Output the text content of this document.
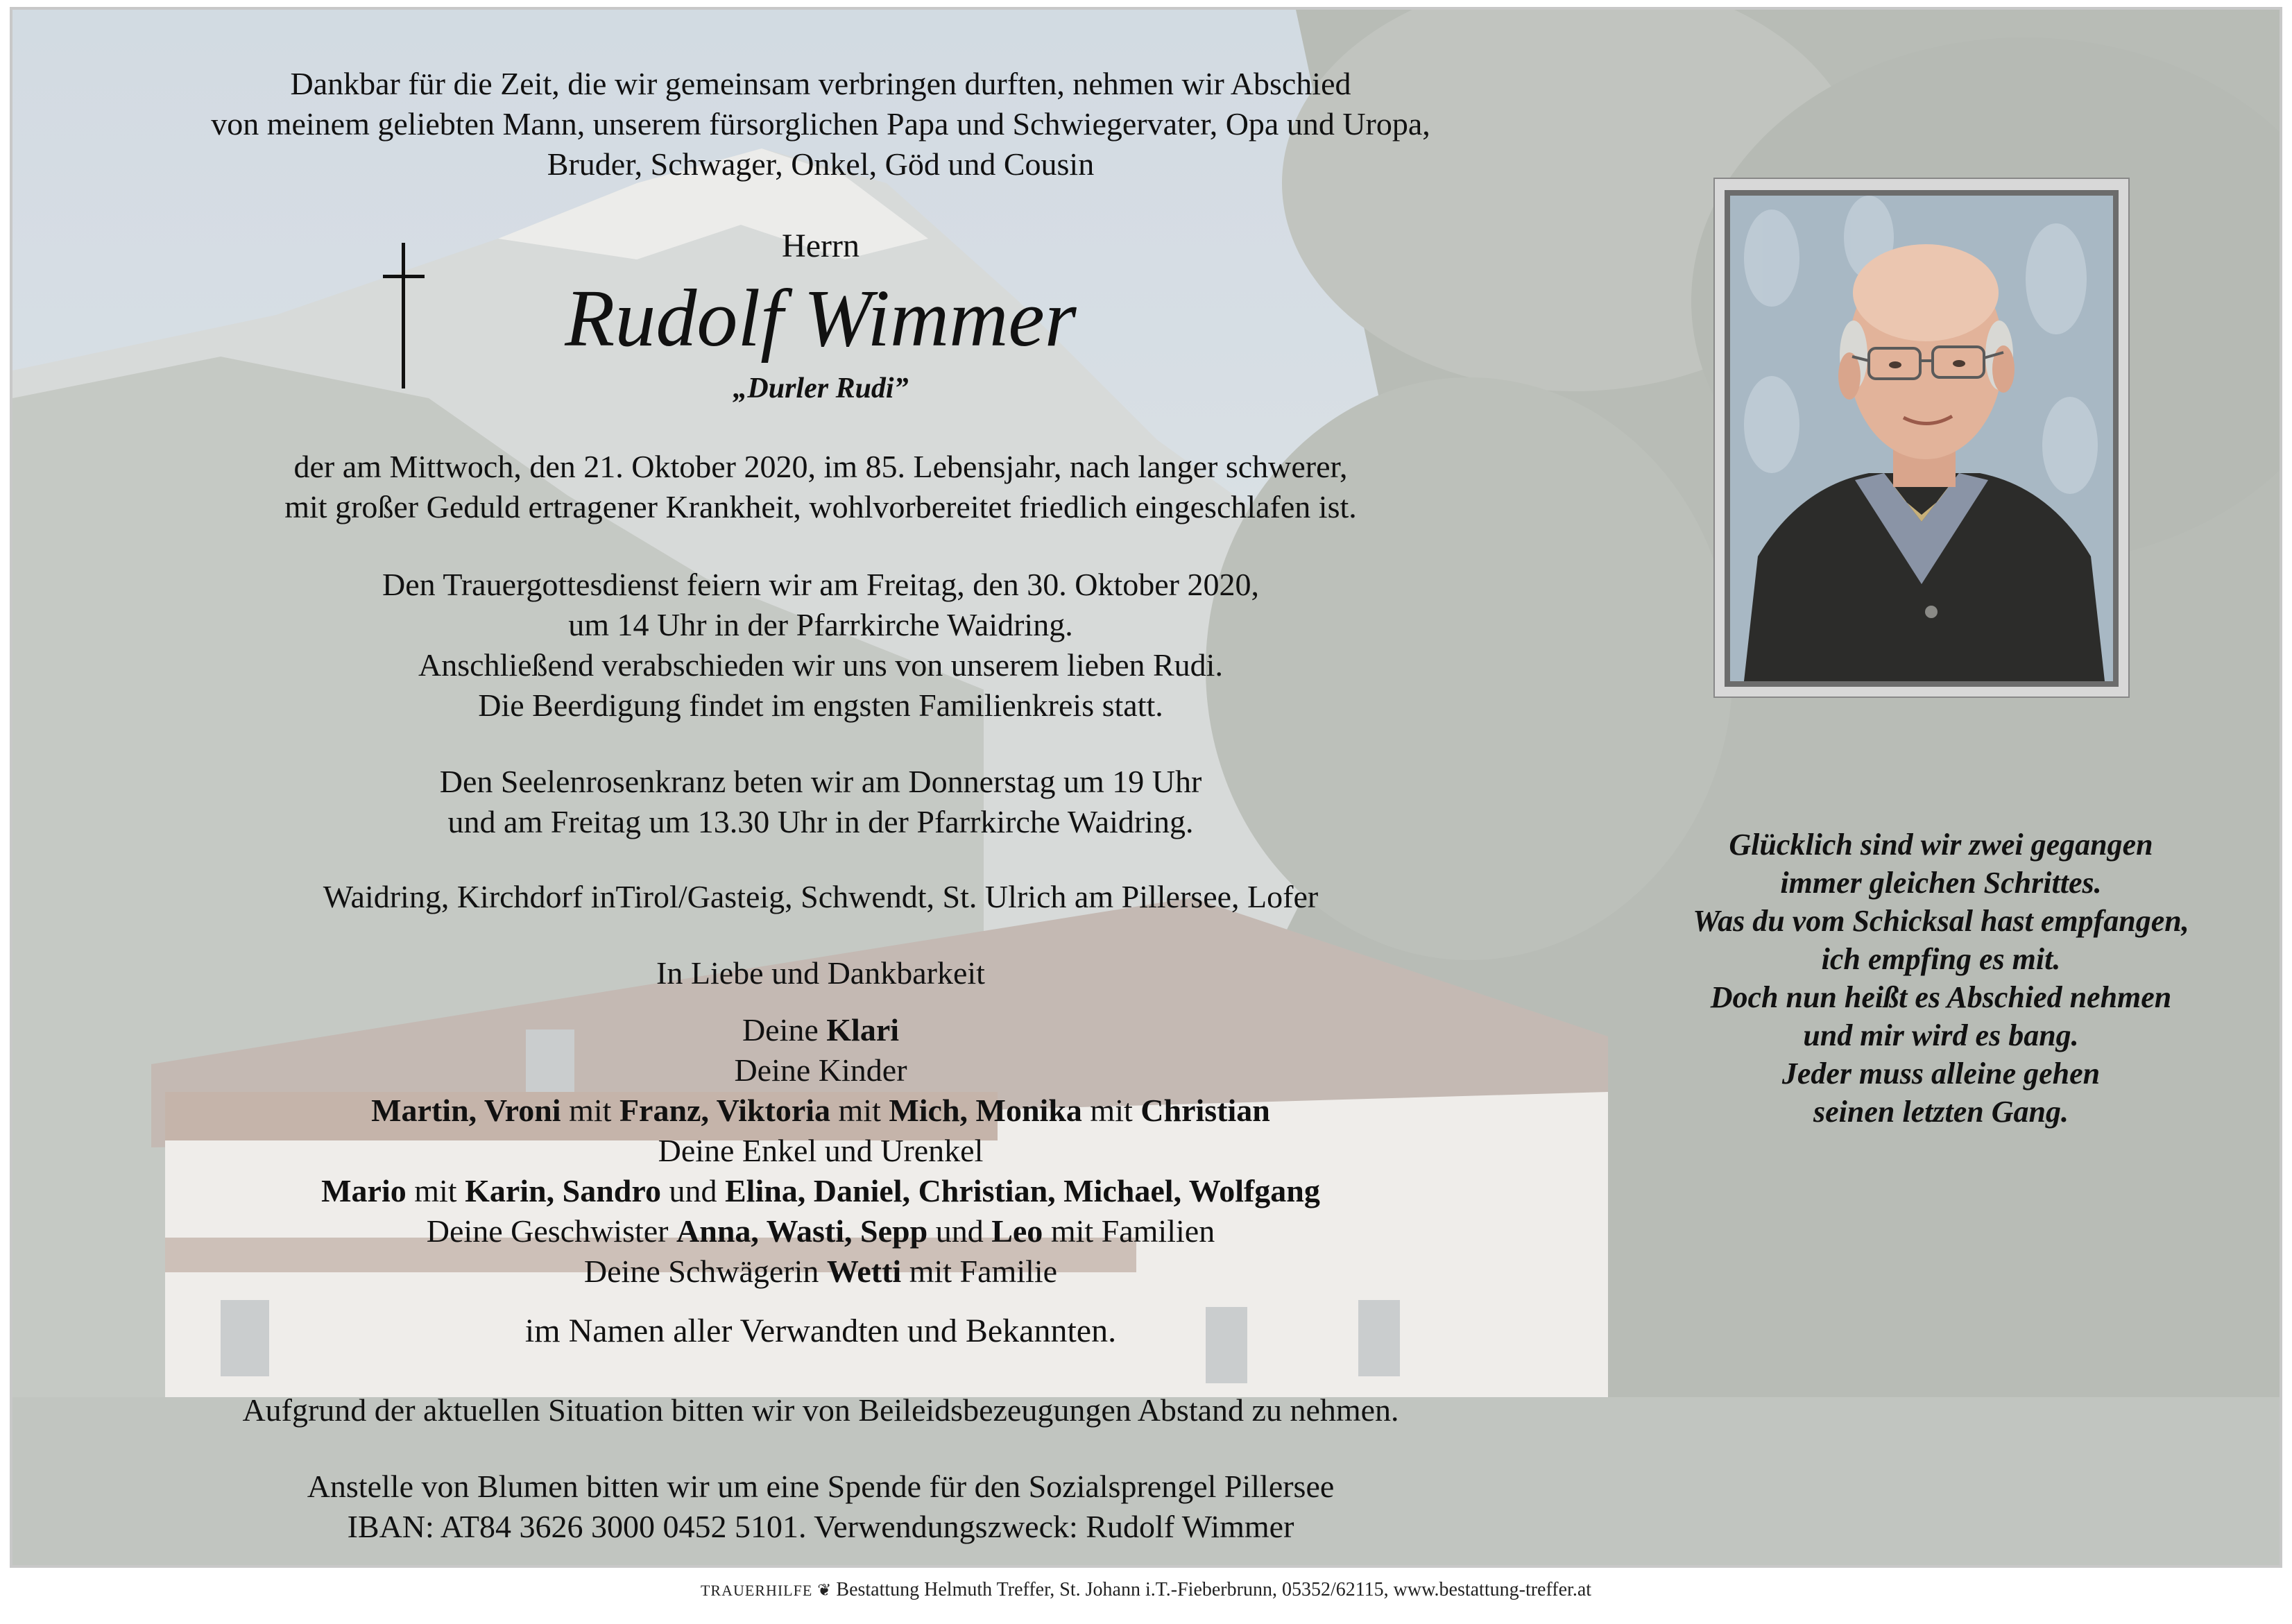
Dankbar für die Zeit, die wir gemeinsam verbringen durften, nehmen wir Abschied
von meinem geliebten Mann, unserem fürsorglichen Papa und Schwiegervater, Opa und Uropa,
Bruder, Schwager, Onkel, Göd und Cousin
Herrn
Rudolf Wimmer
„Durler Rudi”
der am Mittwoch, den 21. Oktober 2020, im 85. Lebensjahr, nach langer schwerer,
mit großer Geduld ertragener Krankheit, wohlvorbereitet friedlich eingeschlafen ist.
Den Trauergottesdienst feiern wir am Freitag, den 30. Oktober 2020,
um 14 Uhr in der Pfarrkirche Waidring.
Anschließend verabschieden wir uns von unserem lieben Rudi.
Die Beerdigung findet im engsten Familienkreis statt.
Den Seelenrosenkranz beten wir am Donnerstag um 19 Uhr
und am Freitag um 13.30 Uhr in der Pfarrkirche Waidring.
Waidring, Kirchdorf inTirol/Gasteig, Schwendt, St. Ulrich am Pillersee, Lofer
In Liebe und Dankbarkeit
Deine Klari
Deine Kinder
Martin, Vroni mit Franz, Viktoria mit Mich, Monika mit Christian
Deine Enkel und Urenkel
Mario mit Karin, Sandro und Elina, Daniel, Christian, Michael, Wolfgang
Deine Geschwister Anna, Wasti, Sepp und Leo mit Familien
Deine Schwägerin Wetti mit Familie
im Namen aller Verwandten und Bekannten.
Aufgrund der aktuellen Situation bitten wir von Beileidsbezeugungen Abstand zu nehmen.
Anstelle von Blumen bitten wir um eine Spende für den Sozialsprengel Pillersee
IBAN: AT84 3626 3000 0452 5101. Verwendungszweck: Rudolf Wimmer
Glücklich sind wir zwei gegangen
immer gleichen Schrittes.
Was du vom Schicksal hast empfangen,
ich empfing es mit.
Doch nun heißt es Abschied nehmen
und mir wird es bang.
Jeder muss alleine gehen
seinen letzten Gang.
TRAUERHILFE ❦ Bestattung Helmuth Treffer, St. Johann i.T.-Fieberbrunn, 05352/62115, www.bestattung-treffer.at
